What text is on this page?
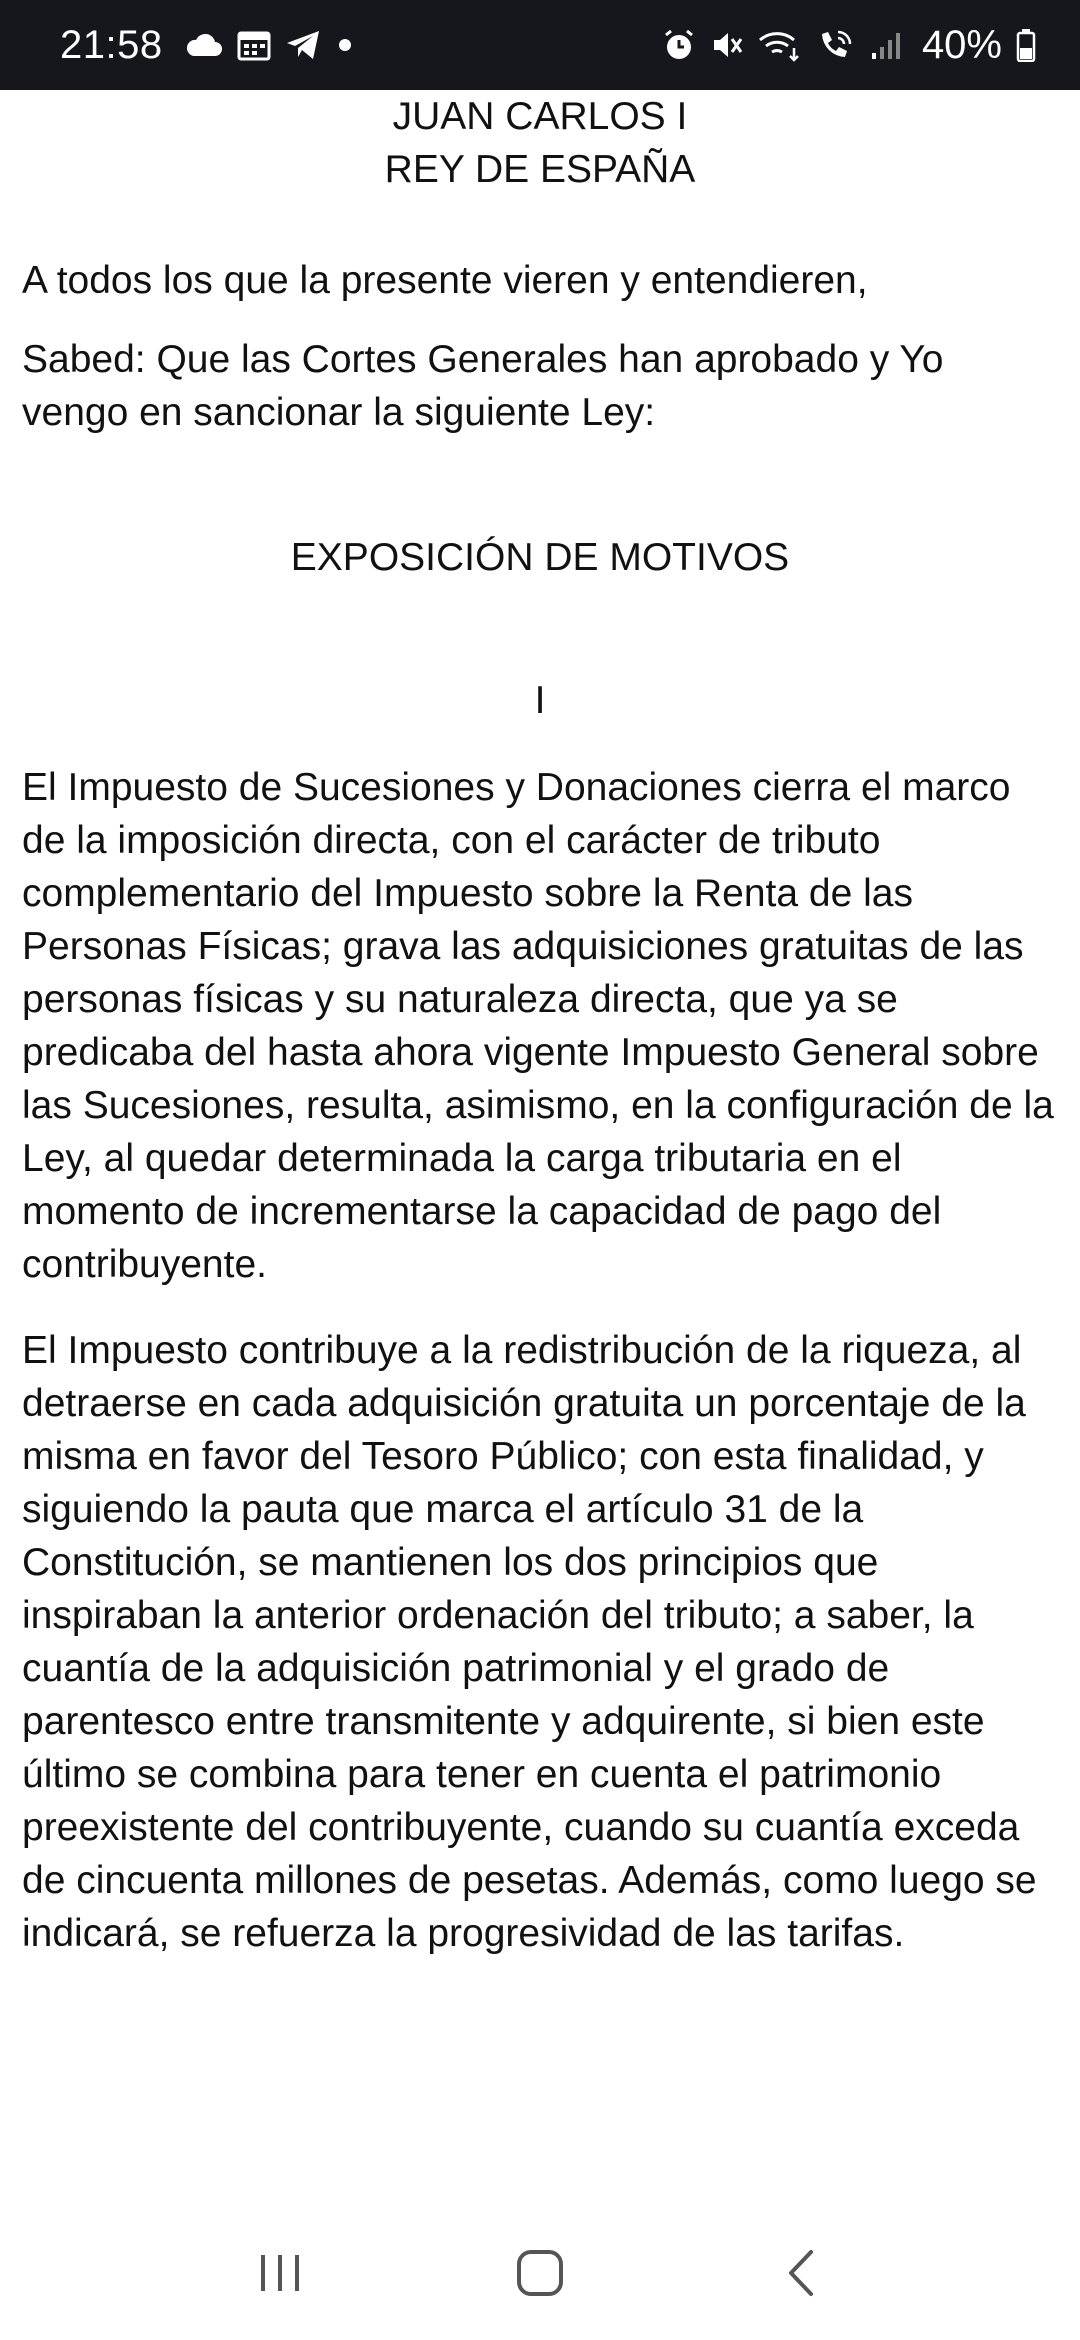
21:58	40%

JUAN CARLOS I

REY DE ESPAÑA

A todos los que la presente vieren y entendieren,

Sabed: Que las Cortes Generales han aprobado y Yo vengo en sancionar la siguiente Ley:

EXPOSICIÓN DE MOTIVOS

I

El Impuesto de Sucesiones y Donaciones cierra el marco de la imposición directa, con el carácter de tributo complementario del Impuesto sobre la Renta de las Personas Físicas; grava las adquisiciones gratuitas de las personas físicas y su naturaleza directa, que ya se predicaba del hasta ahora vigente Impuesto General sobre las Sucesiones, resulta, asimismo, en la configuración de la Ley, al quedar determinada la carga tributaria en el momento de incrementarse la capacidad de pago del contribuyente.

El Impuesto contribuye a la redistribución de la riqueza, al detraerse en cada adquisición gratuita un porcentaje de la misma en favor del Tesoro Público; con esta finalidad, y siguiendo la pauta que marca el artículo 31 de la Constitución, se mantienen los dos principios que inspiraban la anterior ordenación del tributo; a saber, la cuantía de la adquisición patrimonial y el grado de parentesco entre transmitente y adquirente, si bien este último se combina para tener en cuenta el patrimonio preexistente del contribuyente, cuando su cuantía exceda de cincuenta millones de pesetas. Además, como luego se indicará, se refuerza la progresividad de las tarifas.
